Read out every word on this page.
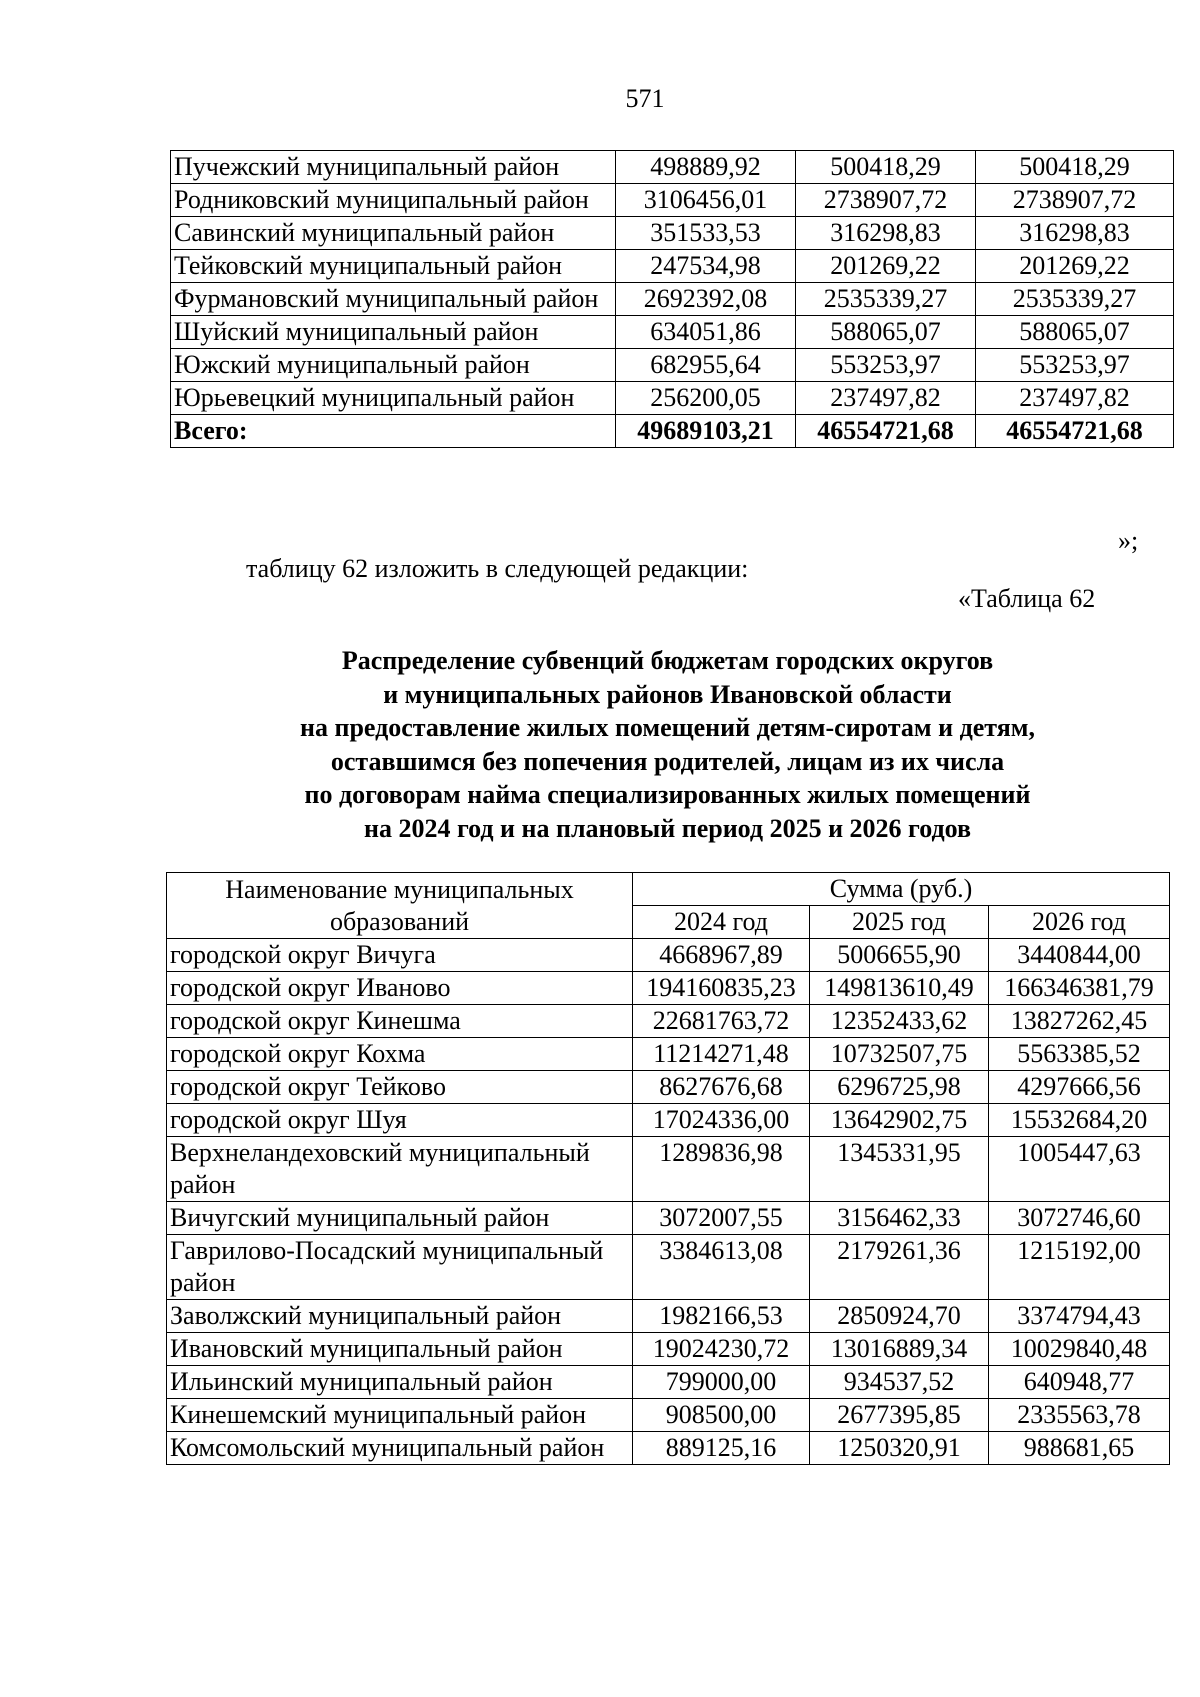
571
Пучежский муниципальный район	498889,92	500418,29	500418,29
Родниковский муниципальный район	3106456,01	2738907,72	2738907,72
Савинский муниципальный район	351533,53	316298,83	316298,83
Тейковский муниципальный район	247534,98	201269,22	201269,22
Фурмановский муниципальный район	2692392,08	2535339,27	2535339,27
Шуйский муниципальный район	634051,86	588065,07	588065,07
Южский муниципальный район	682955,64	553253,97	553253,97
Юрьевецкий муниципальный район	256200,05	237497,82	237497,82
Всего:	49689103,21	46554721,68	46554721,68
»;
таблицу 62 изложить в следующей редакции:
«Таблица 62
Распределение субвенций бюджетам городских округов
и муниципальных районов Ивановской области
на предоставление жилых помещений детям-сиротам и детям,
оставшимся без попечения родителей, лицам из их числа
по договорам найма специализированных жилых помещений
на 2024 год и на плановый период 2025 и 2026 годов
Наименование муниципальных образований	Сумма (руб.)		
	2024 год	2025 год	2026 год
городской округ Вичуга	4668967,89	5006655,90	3440844,00
городской округ Иваново	194160835,23	149813610,49	166346381,79
городской округ Кинешма	22681763,72	12352433,62	13827262,45
городской округ Кохма	11214271,48	10732507,75	5563385,52
городской округ Тейково	8627676,68	6296725,98	4297666,56
городской округ Шуя	17024336,00	13642902,75	15532684,20
Верхнеландеховский муниципальный район	1289836,98	1345331,95	1005447,63
Вичугский муниципальный район	3072007,55	3156462,33	3072746,60
Гаврилово-Посадский муниципальный район	3384613,08	2179261,36	1215192,00
Заволжский муниципальный район	1982166,53	2850924,70	3374794,43
Ивановский муниципальный район	19024230,72	13016889,34	10029840,48
Ильинский муниципальный район	799000,00	934537,52	640948,77
Кинешемский муниципальный район	908500,00	2677395,85	2335563,78
Комсомольский муниципальный район	889125,16	1250320,91	988681,65
